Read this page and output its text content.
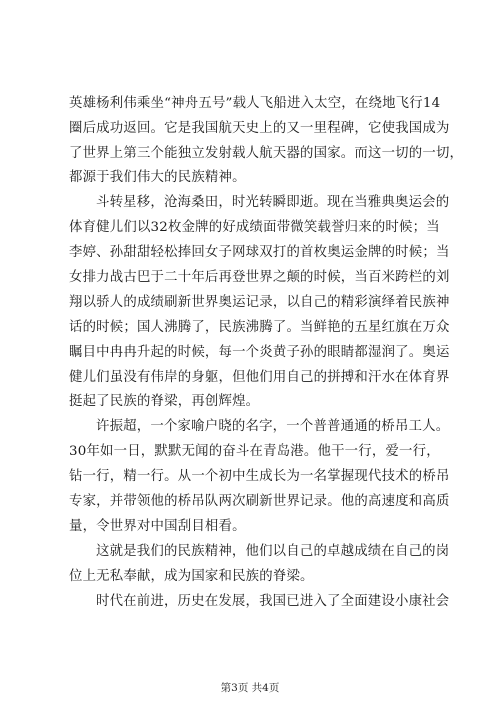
英雄杨利伟乘坐“神舟五号”载人飞船进入太空，在绕地飞行14
圈后成功返回。它是我国航天史上的又一里程碑，它使我国成为
了世界上第三个能独立发射载人航天器的国家。而这一切的一切，
都源于我们伟大的民族精神。
斗转星移，沧海桑田，时光转瞬即逝。现在当雅典奥运会的
体育健儿们以32枚金牌的好成绩面带微笑载誉归来的时候；当
李婷、孙甜甜轻松捧回女子网球双打的首枚奥运金牌的时候；当
女排力战古巴于二十年后再登世界之颠的时候，当百米跨栏的刘
翔以骄人的成绩刷新世界奥运记录，以自己的精彩演绎着民族神
话的时候；国人沸腾了，民族沸腾了。当鲜艳的五星红旗在万众
瞩目中冉冉升起的时候，每一个炎黄子孙的眼睛都湿润了。奥运
健儿们虽没有伟岸的身躯，但他们用自己的拼搏和汗水在体育界
挺起了民族的脊梁，再创辉煌。
许振超，一个家喻户晓的名字，一个普普通通的桥吊工人。
30年如一日，默默无闻的奋斗在青岛港。他干一行，爱一行，
钻一行，精一行。从一个初中生成长为一名掌握现代技术的桥吊
专家，并带领他的桥吊队两次刷新世界记录。他的高速度和高质
量，令世界对中国刮目相看。
这就是我们的民族精神，他们以自己的卓越成绩在自己的岗
位上无私奉献，成为国家和民族的脊梁。
时代在前进，历史在发展，我国已进入了全面建设小康社会
第3页 共4页
